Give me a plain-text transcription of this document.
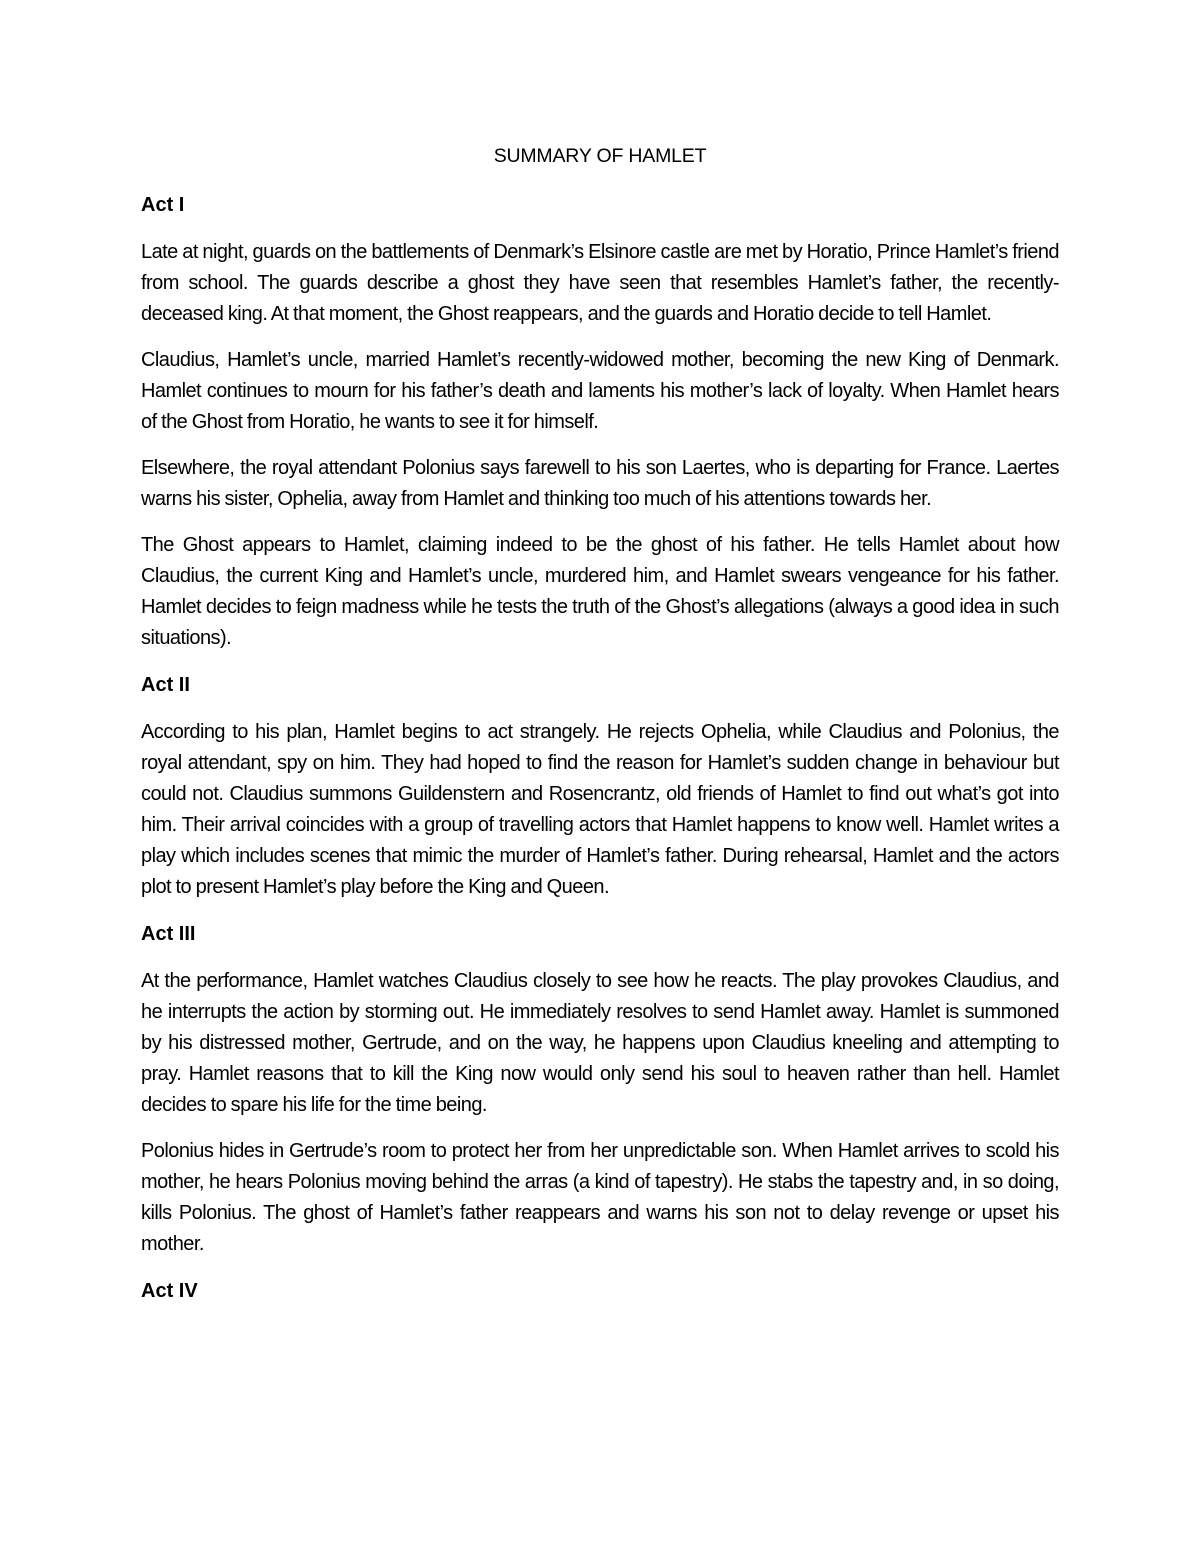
SUMMARY OF HAMLET
Act I

Late at night, guards on the battlements of Denmark’s Elsinore castle are met by Horatio, Prince Hamlet’s friend from school. The guards describe a ghost they have seen that resembles Hamlet’s father, the recently-deceased king. At that moment, the Ghost reappears, and the guards and Horatio decide to tell Hamlet.

Claudius, Hamlet’s uncle, married Hamlet’s recently-widowed mother, becoming the new King of Denmark. Hamlet continues to mourn for his father’s death and laments his mother’s lack of loyalty. When Hamlet hears of the Ghost from Horatio, he wants to see it for himself.

Elsewhere, the royal attendant Polonius says farewell to his son Laertes, who is departing for France. Laertes warns his sister, Ophelia, away from Hamlet and thinking too much of his attentions towards her.

The Ghost appears to Hamlet, claiming indeed to be the ghost of his father. He tells Hamlet about how Claudius, the current King and Hamlet’s uncle, murdered him, and Hamlet swears vengeance for his father. Hamlet decides to feign madness while he tests the truth of the Ghost’s allegations (always a good idea in such situations).

Act II

According to his plan, Hamlet begins to act strangely. He rejects Ophelia, while Claudius and Polonius, the royal attendant, spy on him. They had hoped to find the reason for Hamlet’s sudden change in behaviour but could not. Claudius summons Guildenstern and Rosencrantz, old friends of Hamlet to find out what’s got into him. Their arrival coincides with a group of travelling actors that Hamlet happens to know well. Hamlet writes a play which includes scenes that mimic the murder of Hamlet’s father. During rehearsal, Hamlet and the actors plot to present Hamlet’s play before the King and Queen.

Act III

At the performance, Hamlet watches Claudius closely to see how he reacts. The play provokes Claudius, and he interrupts the action by storming out. He immediately resolves to send Hamlet away. Hamlet is summoned by his distressed mother, Gertrude, and on the way, he happens upon Claudius kneeling and attempting to pray. Hamlet reasons that to kill the King now would only send his soul to heaven rather than hell. Hamlet decides to spare his life for the time being.

Polonius hides in Gertrude’s room to protect her from her unpredictable son. When Hamlet arrives to scold his mother, he hears Polonius moving behind the arras (a kind of tapestry). He stabs the tapestry and, in so doing, kills Polonius. The ghost of Hamlet’s father reappears and warns his son not to delay revenge or upset his mother.

Act IV
